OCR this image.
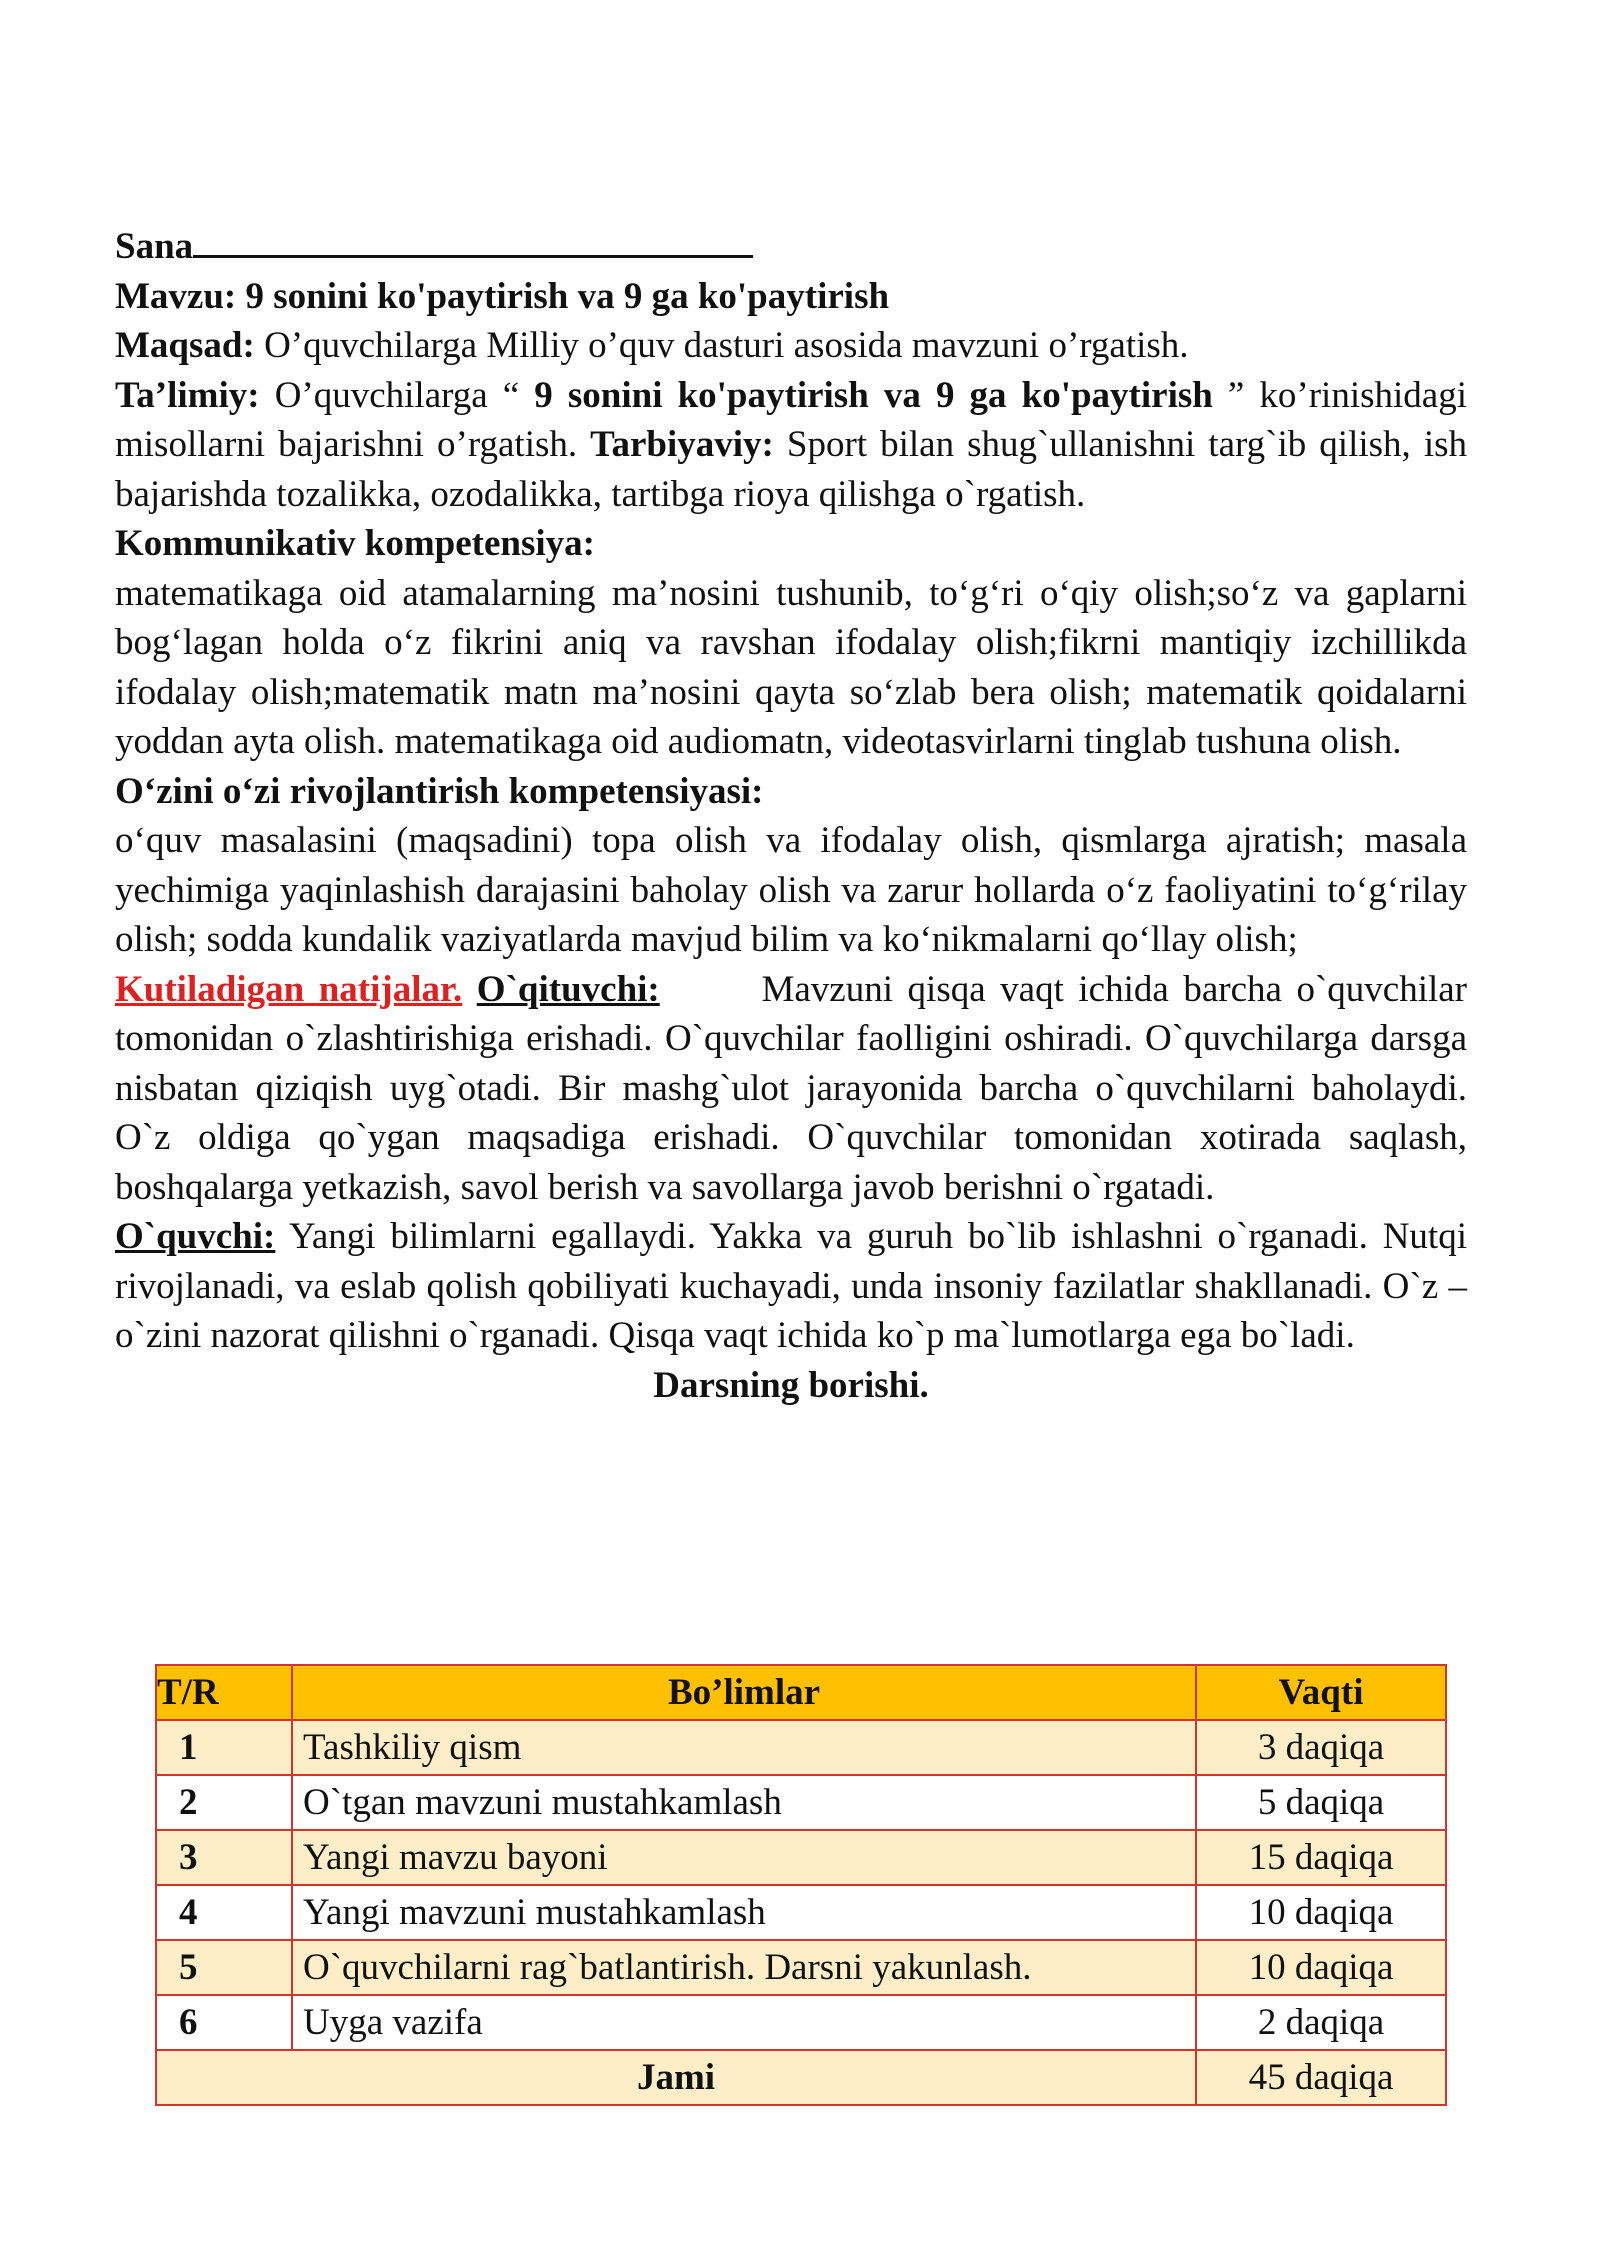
Sana

Mavzu: 9 sonini ko'paytirish va 9 ga ko'paytirish

Maqsad: O’quvchilarga Milliy o’quv dasturi asosida mavzuni o’rgatish.

Ta’limiy: O’quvchilarga “ 9 sonini ko'paytirish va 9 ga ko'paytirish ” ko’rinishidagi misollarni bajarishni o’rgatish. Tarbiyaviy: Sport bilan shug`ullanishni targ`ib qilish, ish bajarishda tozalikka, ozodalikka, tartibga rioya qilishga o`rgatish.

Kommunikativ kompetensiya:

matematikaga oid atamalarning ma’nosini tushunib, to‘g‘ri o‘qiy olish;so‘z va gaplarni bog‘lagan holda o‘z fikrini aniq va ravshan ifodalay olish;fikrni mantiqiy izchillikda ifodalay olish;matematik matn ma’nosini qayta so‘zlab bera olish; matematik qoidalarni yoddan ayta olish. matematikaga oid audiomatn, videotasvirlarni tinglab tushuna olish.

O‘zini o‘zi rivojlantirish kompetensiyasi:

o‘quv masalasini (maqsadini) topa olish va ifodalay olish, qismlarga ajratish; masala yechimiga yaqinlashish darajasini baholay olish va zarur hollarda o‘z faoliyatini to‘g‘rilay olish; sodda kundalik vaziyatlarda mavjud bilim va ko‘nikmalarni qo‘llay olish;

Kutiladigan natijalar. O`qituvchi:	Mavzuni qisqa vaqt ichida barcha o`quvchilar tomonidan o`zlashtirishiga erishadi. O`quvchilar faolligini oshiradi. O`quvchilarga darsga nisbatan qiziqish uyg`otadi. Bir mashg`ulot jarayonida barcha o`quvchilarni baholaydi. O`z oldiga qo`ygan maqsadiga erishadi. O`quvchilar tomonidan xotirada saqlash, boshqalarga yetkazish, savol berish va savollarga javob berishni o`rgatadi.

O`quvchi: Yangi bilimlarni egallaydi. Yakka va guruh bo`lib ishlashni o`rganadi. Nutqi rivojlanadi, va eslab qolish qobiliyati kuchayadi, unda insoniy fazilatlar shakllanadi. O`z – o`zini nazorat qilishni o`rganadi. Qisqa vaqt ichida ko`p ma`lumotlarga ega bo`ladi.

Darsning borishi.

T/R	Bo’limlar	Vaqti
1	Tashkiliy qism	3 daqiqa
2	O`tgan mavzuni mustahkamlash	5 daqiqa
3	Yangi mavzu bayoni	15 daqiqa
4	Yangi mavzuni mustahkamlash	10 daqiqa
5	O`quvchilarni rag`batlantirish. Darsni yakunlash.	10 daqiqa
6	Uyga vazifa	2 daqiqa
Jami		45 daqiqa
